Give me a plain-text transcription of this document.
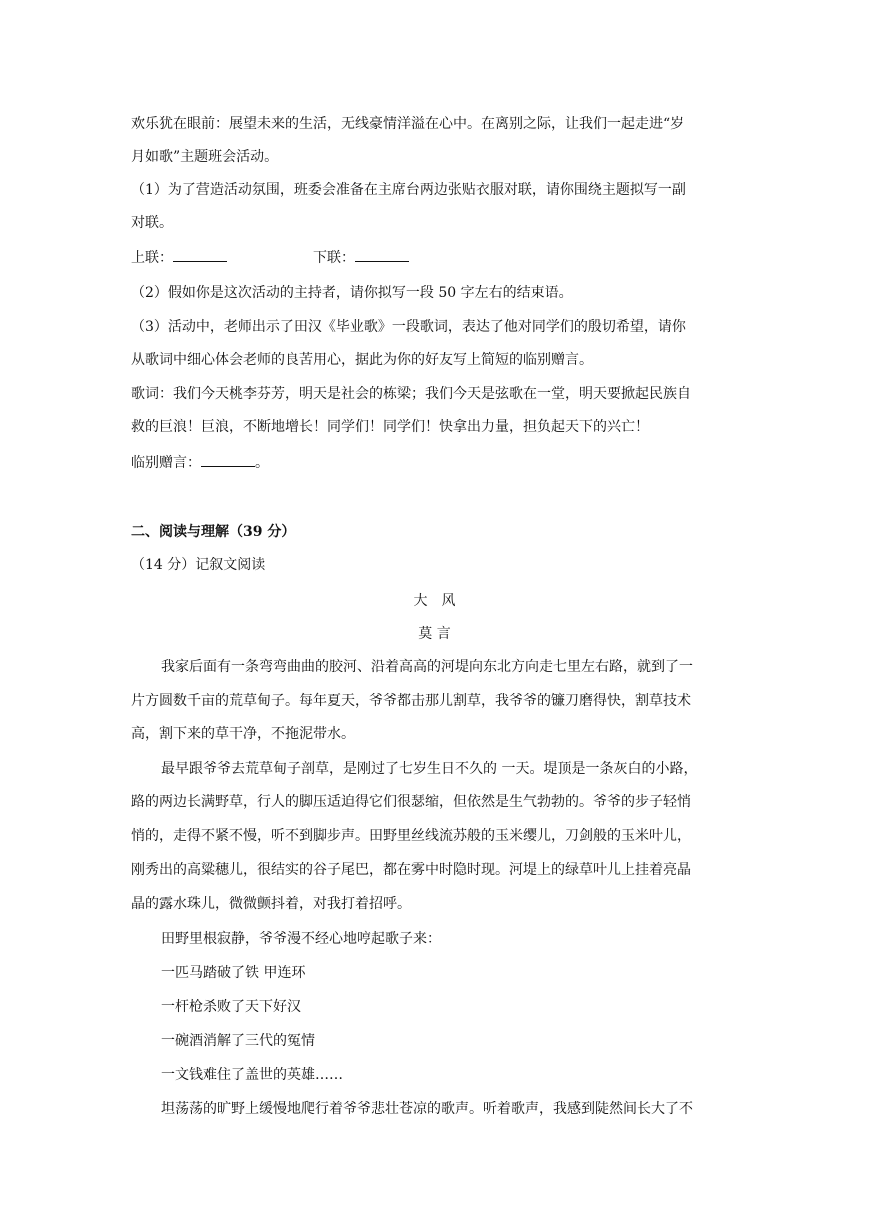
欢乐犹在眼前：展望未来的生活，无线豪情洋溢在心中。在离别之际，让我们一起走进“岁
月如歌”主题班会活动。
（1）为了营造活动氛围，班委会准备在主席台两边张贴衣服对联，请你围绕主题拟写一副
对联。
上联：	下联：
（2）假如你是这次活动的主持者，请你拟写一段 50 字左右的结束语。
（3）活动中，老师出示了田汉《毕业歌》一段歌词，表达了他对同学们的殷切希望，请你
从歌词中细心体会老师的良苦用心，据此为你的好友写上简短的临别赠言。
歌词：我们今天桃李芬芳，明天是社会的栋梁；我们今天是弦歌在一堂，明天要掀起民族自
救的巨浪！巨浪，不断地增长！同学们！同学们！快拿出力量，担负起天下的兴亡！
临别赠言：	。
二、阅读与理解（39 分）
（14 分）记叙文阅读
大　风
莫 言
我家后面有一条弯弯曲曲的胶河、沿着高高的河堤向东北方向走七里左右路，就到了一
片方圆数千亩的荒草甸子。每年夏天，爷爷都击那儿割草，我爷爷的镰刀磨得快，割草技术
高，割下来的草干净，不拖泥带水。
最早跟爷爷去荒草甸子剖草，是刚过了七岁生日不久的 一天。堤顶是一条灰白的小路，
路的两边长满野草，行人的脚压适迫得它们很瑟缩，但依然是生气勃勃的。爷爷的步子轻悄
悄的，走得不紧不慢，听不到脚步声。田野里丝线流苏般的玉米缨儿，刀剑般的玉米叶儿，
刚秀出的高粱穗儿，很结实的谷子尾巴，都在雾中时隐时现。河堤上的绿草叶儿上挂着亮晶
晶的露水珠儿，微微颤抖着，对我打着招呼。
田野里根寂静，爷爷漫不经心地哼起歌子来：
一匹马踏破了铁 甲连环
一杆枪杀败了天下好汉
一碗酒消解了三代的冤情
一文钱难住了盖世的英雄……
坦荡荡的旷野上缓慢地爬行着爷爷悲壮苍凉的歌声。听着歌声，我感到陡然间长大了不
